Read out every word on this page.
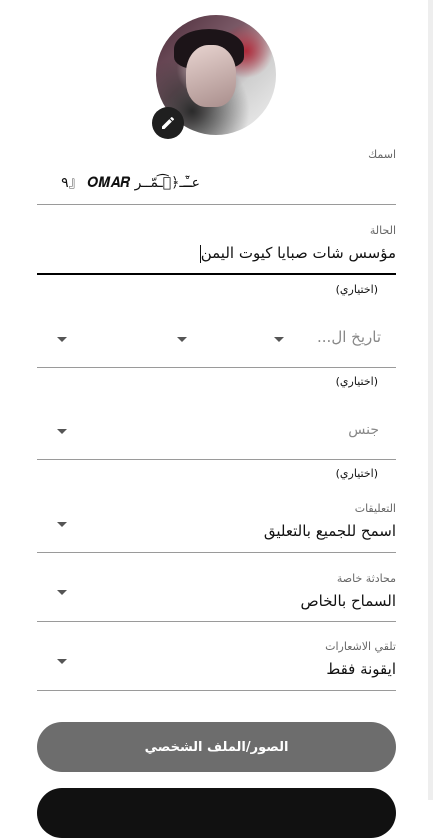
اسمك
عـ٘ٓـ﴿ٱ͡ـمّــر 𝑶𝑴𝑨𝑹 『٩
الحالة
مؤسس شات صبايا كيوت اليمن
(اختياري)
تاريخ ال...
(اختياري)
جنس
(اختياري)
التعليقات
اسمح للجميع بالتعليق
محادثة خاصة
السماح بالخاص
تلقي الاشعارات
ايقونة فقط
الصور/الملف الشخصي
